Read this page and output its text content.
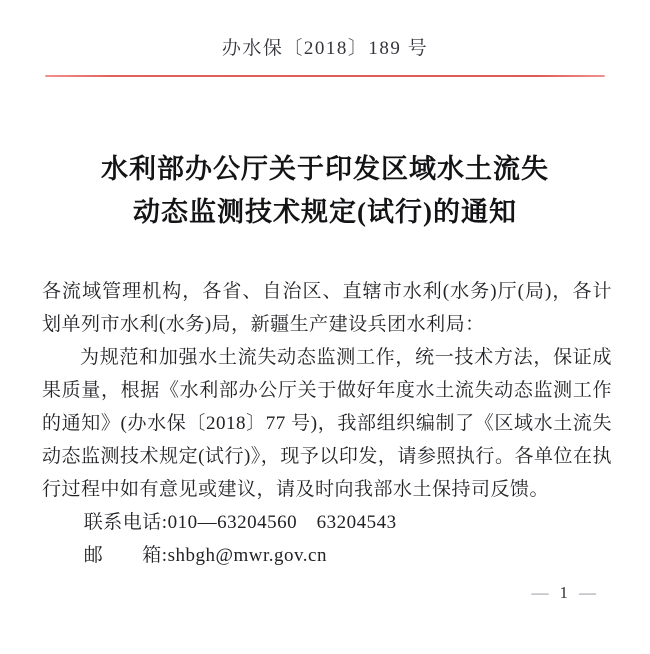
办水保〔2018〕189 号
水利部办公厅关于印发区域水土流失
动态监测技术规定(试行)的通知

各流域管理机构，各省、自治区、直辖市水利(水务)厅(局)，各计划单列市水利(水务)局，新疆生产建设兵团水利局：

为规范和加强水土流失动态监测工作，统一技术方法，保证成果质量，根据《水利部办公厅关于做好年度水土流失动态监测工作的通知》(办水保〔2018〕77 号)，我部组织编制了《区域水土流失动态监测技术规定(试行)》，现予以印发，请参照执行。各单位在执行过程中如有意见或建议，请及时向我部水土保持司反馈。

联系电话:010—63204560　63204543

邮　　箱:shbgh@mwr.gov.cn

— 1 —
